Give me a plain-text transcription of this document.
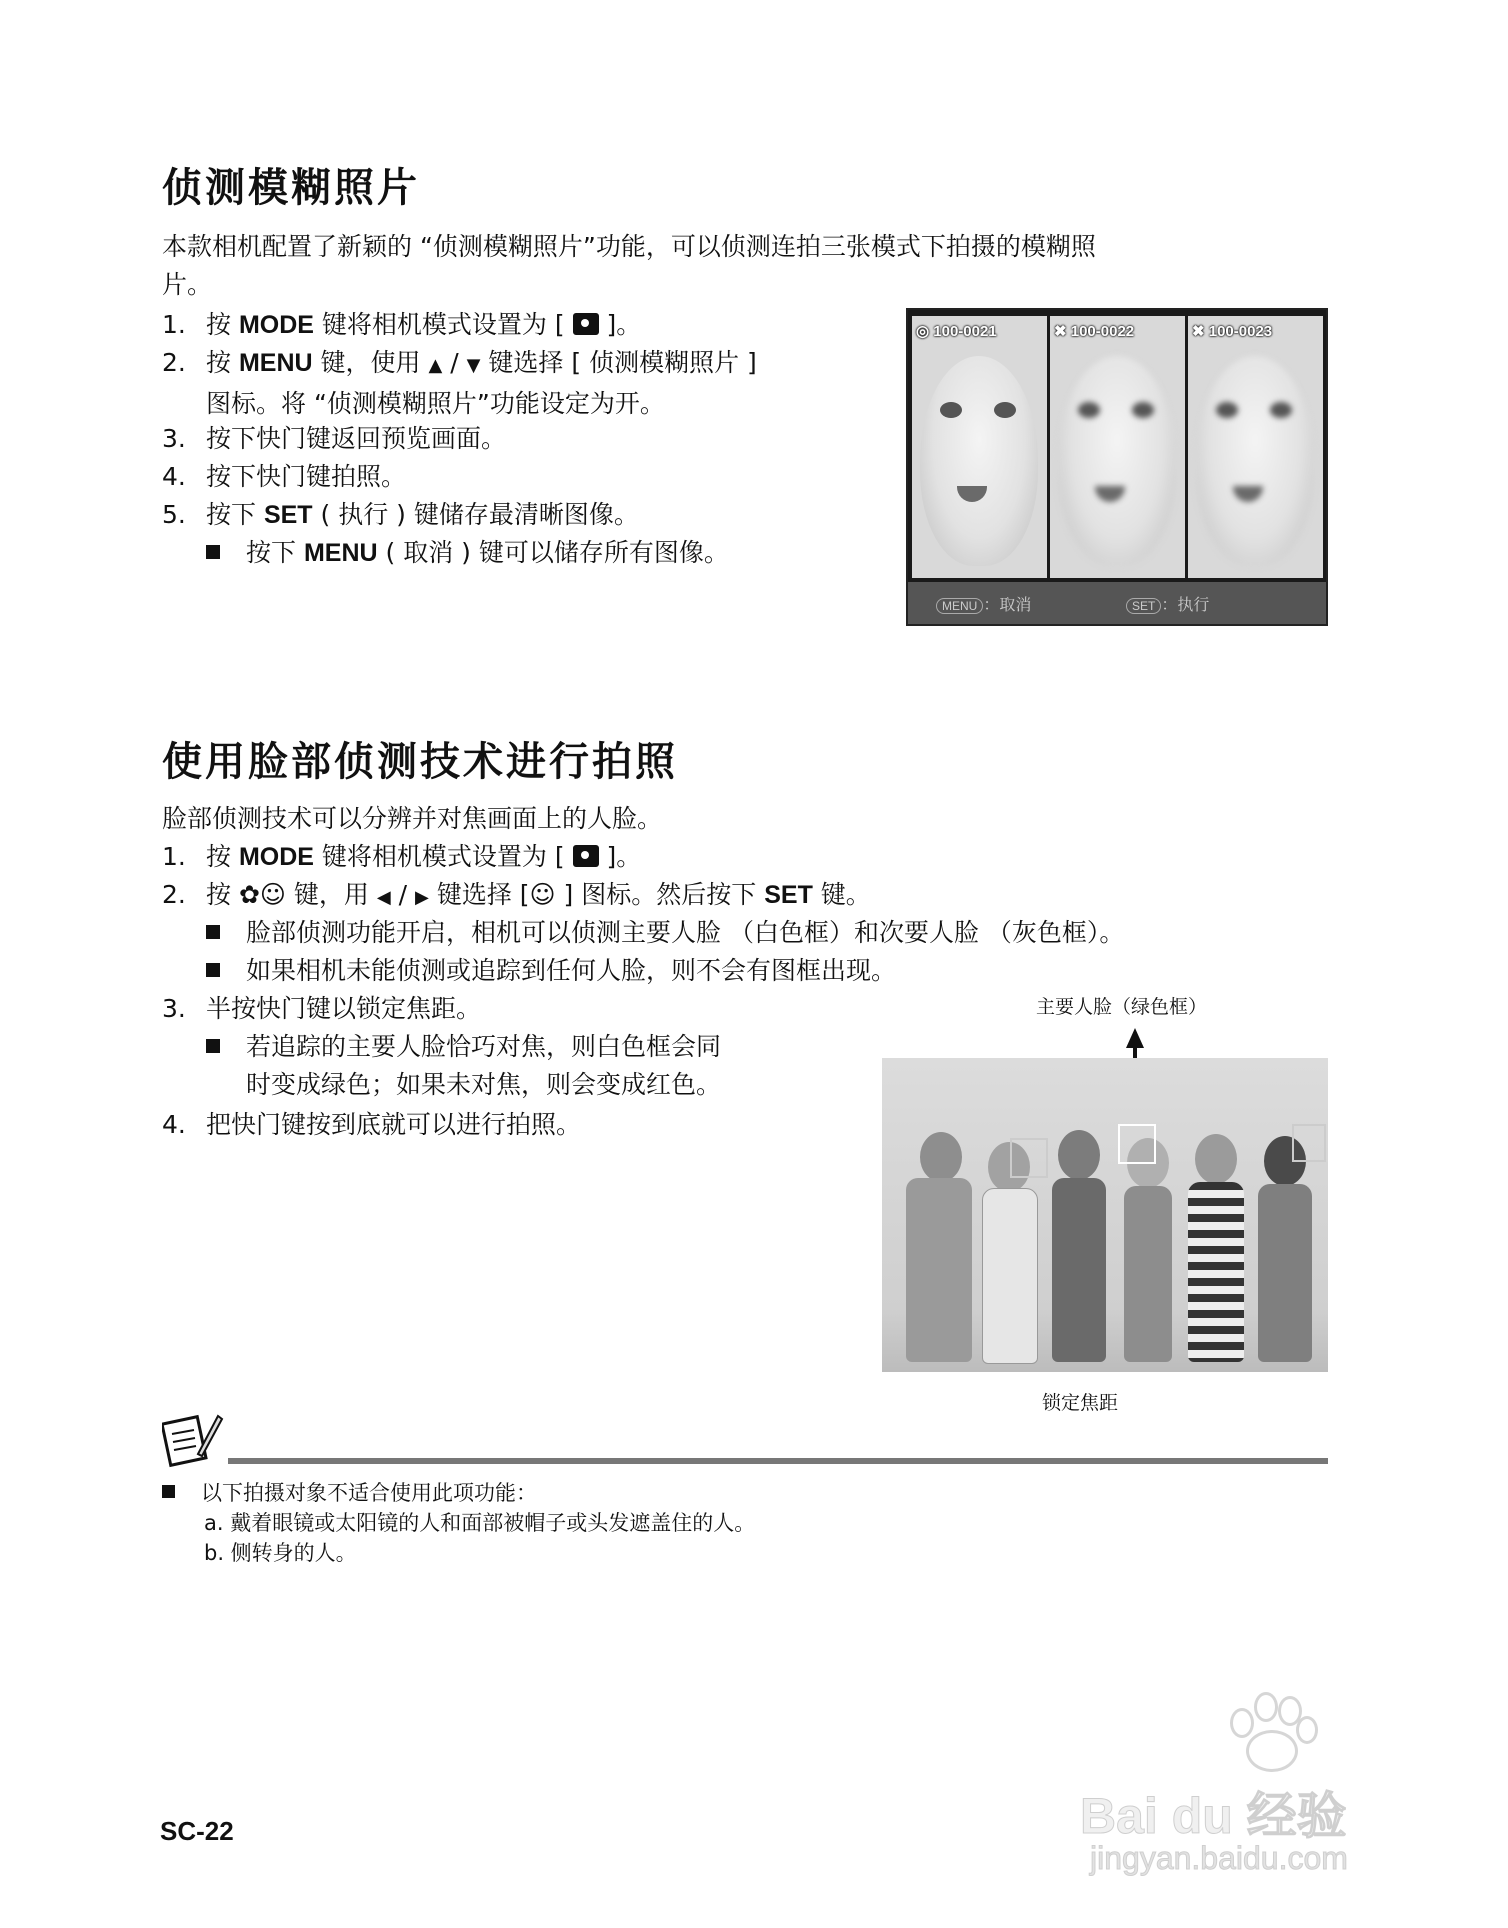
侦测模糊照片
本款相机配置了新颖的 “侦测模糊照片”功能，可以侦测连拍三张模式下拍摄的模糊照
片。
1. 按 MODE 键将相机模式设置为 [  ]。
2. 按 MENU 键，使用 ▲ / ▼ 键选择 [ 侦测模糊照片 ]
图标。将 “侦测模糊照片”功能设定为开。
3. 按下快门键返回预览画面。
4. 按下快门键拍照。
5. 按下 SET ( 执行 ) 键储存最清晰图像。
按下 MENU ( 取消 ) 键可以储存所有图像。
◎ 100-0021	✖ 100-0022	✖ 100-0023
MENU ：取消	SET ：执行
使用脸部侦测技术进行拍照
脸部侦测技术可以分辨并对焦画面上的人脸。
1. 按 MODE 键将相机模式设置为 [  ]。
2. 按 ✿☺ 键，用 ◀ / ▶ 键选择 [☺ ] 图标。然后按下 SET 键。
脸部侦测功能开启，相机可以侦测主要人脸 （白色框）和次要人脸 （灰色框）。
如果相机未能侦测或追踪到任何人脸，则不会有图框出现。
3. 半按快门键以锁定焦距。
若追踪的主要人脸恰巧对焦，则白色框会同
时变成绿色；如果未对焦，则会变成红色。
4. 把快门键按到底就可以进行拍照。
主要人脸（绿色框）
锁定焦距
以下拍摄对象不适合使用此项功能：
a. 戴着眼镜或太阳镜的人和面部被帽子或头发遮盖住的人。
b. 侧转身的人。
SC-22	Bai du 经验
jingyan.baidu.com
